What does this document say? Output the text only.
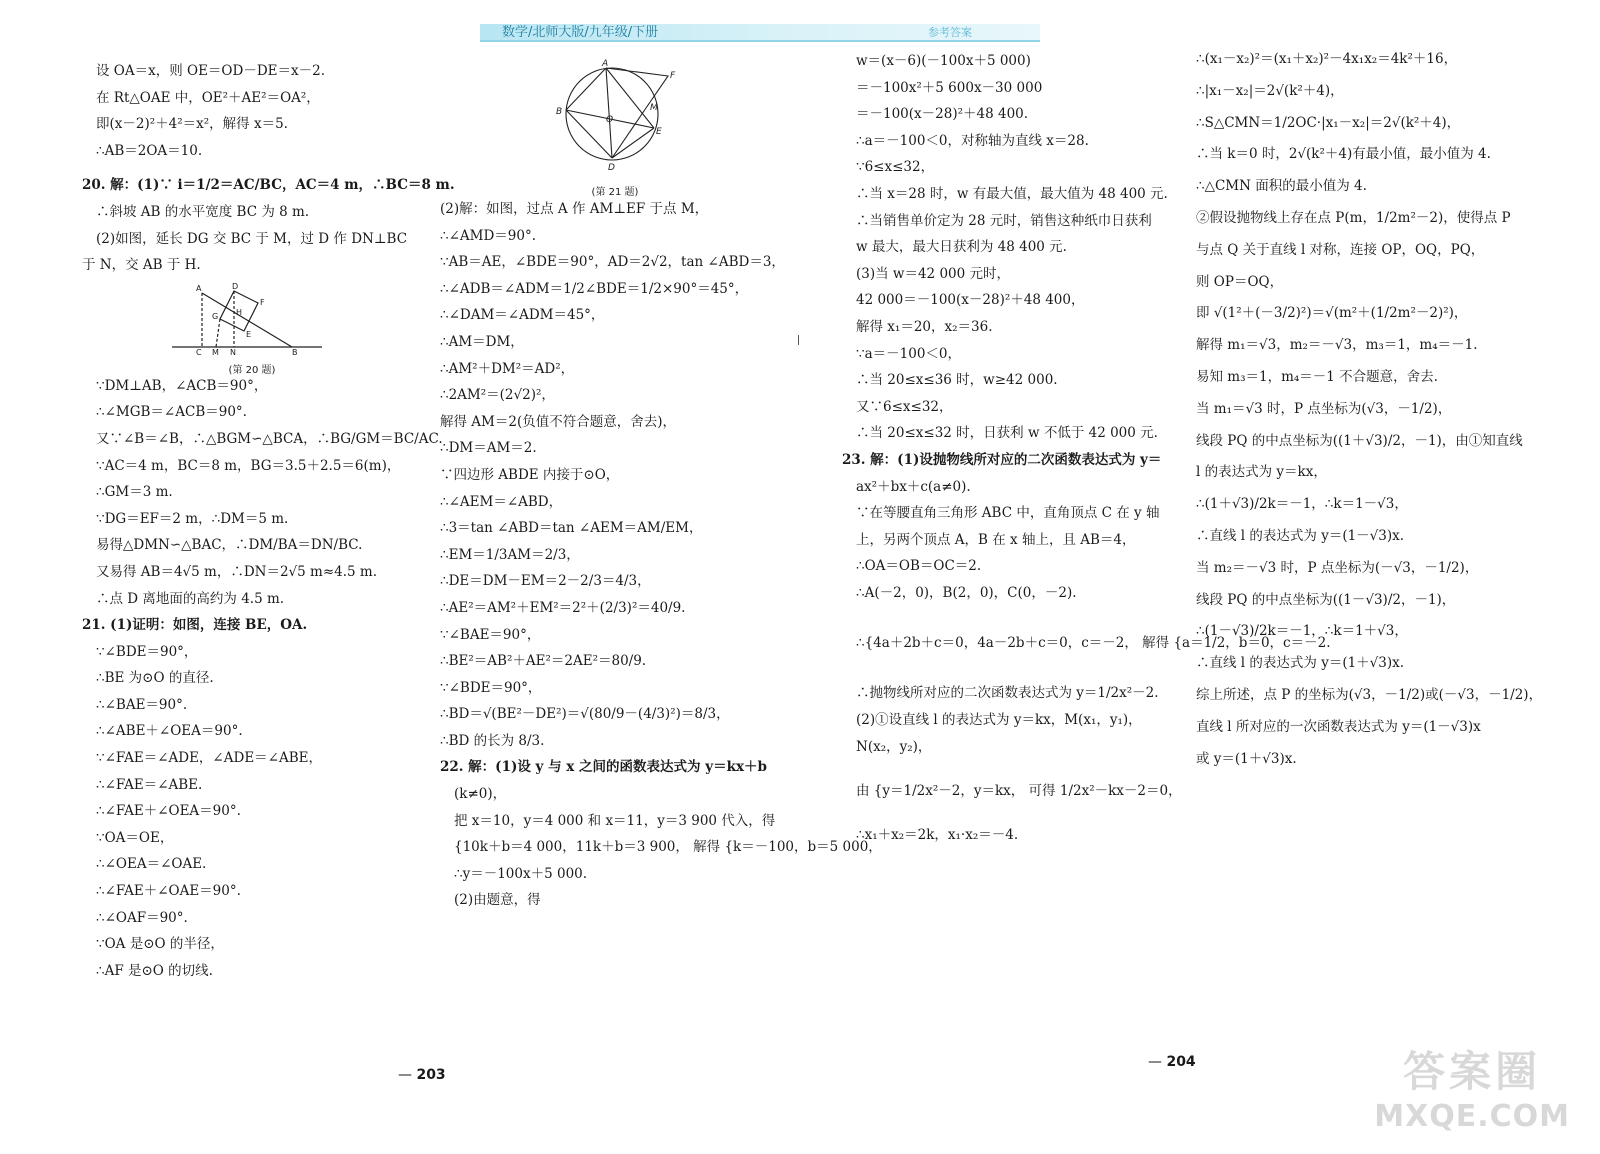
数学/北师大版/九年级/下册	参考答案
设 OA＝x，则 OE＝OD－DE＝x－2.
在 Rt△OAE 中，OE²＋AE²＝OA²，
即(x－2)²＋4²＝x²，解得 x＝5.
∴AB＝2OA＝10.
20. 解：(1)∵ i＝1/2＝AC/BC，AC＝4 m，∴BC＝8 m.
∴斜坡 AB 的水平宽度 BC 为 8 m.
(2)如图，延长 DG 交 BC 于 M，过 D 作 DN⊥BC
于 N，交 AB 于 H.
A	D
G H
F
E
C M N	B
(第 20 题)
∵DM⊥AB，∠ACB＝90°，
∴∠MGB＝∠ACB＝90°.
又∵∠B＝∠B，∴△BGM∽△BCA，∴BG/GM＝BC/AC.
∵AC＝4 m，BC＝8 m，BG＝3.5＋2.5＝6(m)，
∴GM＝3 m.
∵DG＝EF＝2 m，∴DM＝5 m.
易得△DMN∽△BAC，∴DM/BA＝DN/BC.
又易得 AB＝4√5 m，∴DN＝2√5 m≈4.5 m.
∴点 D 离地面的高约为 4.5 m.
21. (1)证明：如图，连接 BE，OA.
∵∠BDE＝90°，
∴BE 为⊙O 的直径.
∴∠BAE＝90°.
∴∠ABE＋∠OEA＝90°.
∵∠FAE＝∠ADE，∠ADE＝∠ABE，
∴∠FAE＝∠ABE.
∴∠FAE＋∠OEA＝90°.
∵OA＝OE，
∴∠OEA＝∠OAE.
∴∠FAE＋∠OAE＝90°.
∴∠OAF＝90°.
∵OA 是⊙O 的半径，
∴AF 是⊙O 的切线.
A
F
B
O
M
E
D
(第 21 题)
(2)解：如图，过点 A 作 AM⊥EF 于点 M，
∴∠AMD＝90°.
∵AB＝AE，∠BDE＝90°，AD＝2√2，tan ∠ABD＝3，
∴∠ADB＝∠ADM＝1/2∠BDE＝1/2×90°＝45°，
∴∠DAM＝∠ADM＝45°，
∴AM＝DM，
∴AM²＋DM²＝AD²，
∴2AM²＝(2√2)²，
解得 AM＝2(负值不符合题意，舍去)，
∴DM＝AM＝2.
∵四边形 ABDE 内接于⊙O，
∴∠AEM＝∠ABD，
∴3＝tan ∠ABD＝tan ∠AEM＝AM/EM，
∴EM＝1/3AM＝2/3，
∴DE＝DM－EM＝2－2/3＝4/3，
∴AE²＝AM²＋EM²＝2²＋(2/3)²＝40/9.
∵∠BAE＝90°，
∴BE²＝AB²＋AE²＝2AE²＝80/9.
∵∠BDE＝90°，
∴BD＝√(BE²－DE²)＝√(80/9－(4/3)²)＝8/3，
∴BD 的长为 8/3.
22. 解：(1)设 y 与 x 之间的函数表达式为 y＝kx＋b
(k≠0)，
把 x＝10，y＝4 000 和 x＝11，y＝3 900 代入，得
{10k＋b＝4 000，11k＋b＝3 900， 解得 {k＝－100，b＝5 000，
∴y＝－100x＋5 000.
(2)由题意，得
w＝(x－6)(－100x＋5 000)
＝－100x²＋5 600x－30 000
＝－100(x－28)²＋48 400.
∴a＝－100＜0，对称轴为直线 x＝28.
∵6≤x≤32，
∴当 x＝28 时，w 有最大值，最大值为 48 400 元.
∴当销售单价定为 28 元时，销售这种纸巾日获利
w 最大，最大日获利为 48 400 元.
(3)当 w＝42 000 元时，
42 000＝－100(x－28)²＋48 400，
解得 x₁＝20，x₂＝36.
∵a＝－100＜0，
∴当 20≤x≤36 时，w≥42 000.
又∵6≤x≤32，
∴当 20≤x≤32 时，日获利 w 不低于 42 000 元.
23. 解：(1)设抛物线所对应的二次函数表达式为 y＝
ax²＋bx＋c(a≠0).
∵在等腰直角三角形 ABC 中，直角顶点 C 在 y 轴
上，另两个顶点 A，B 在 x 轴上，且 AB＝4，
∴OA＝OB＝OC＝2.
∴A(－2，0)，B(2，0)，C(0，－2).
∴{4a＋2b＋c＝0，4a－2b＋c＝0，c＝－2， 解得 {a＝1/2，b＝0，c＝－2.
∴抛物线所对应的二次函数表达式为 y＝1/2x²－2.
(2)①设直线 l 的表达式为 y＝kx，M(x₁，y₁)，
N(x₂，y₂)，
由 {y＝1/2x²－2，y＝kx， 可得 1/2x²－kx－2＝0，
∴x₁＋x₂＝2k，x₁·x₂＝－4.
∴(x₁－x₂)²＝(x₁＋x₂)²－4x₁x₂＝4k²＋16，
∴|x₁－x₂|＝2√(k²＋4)，
∴S△CMN＝1/2OC·|x₁－x₂|＝2√(k²＋4)，
∴当 k＝0 时，2√(k²＋4)有最小值，最小值为 4.
∴△CMN 面积的最小值为 4.
②假设抛物线上存在点 P(m，1/2m²－2)，使得点 P
与点 Q 关于直线 l 对称，连接 OP，OQ，PQ，
则 OP＝OQ，
即 √(1²＋(－3/2)²)＝√(m²＋(1/2m²－2)²)，
解得 m₁＝√3，m₂＝－√3，m₃＝1，m₄＝－1.
易知 m₃＝1，m₄＝－1 不合题意，舍去.
当 m₁＝√3 时，P 点坐标为(√3，－1/2)，
线段 PQ 的中点坐标为((1＋√3)/2，－1)，由①知直线
l 的表达式为 y＝kx，
∴(1＋√3)/2k＝－1，∴k＝1－√3，
∴直线 l 的表达式为 y＝(1－√3)x.
当 m₂＝－√3 时，P 点坐标为(－√3，－1/2)，
线段 PQ 的中点坐标为((1－√3)/2，－1)，
∴(1－√3)/2k＝－1，∴k＝1＋√3，
∴直线 l 的表达式为 y＝(1＋√3)x.
综上所述，点 P 的坐标为(√3，－1/2)或(－√3，－1/2)，
直线 l 所对应的一次函数表达式为 y＝(1－√3)x
或 y＝(1＋√3)x.
— 203
— 204	答案圈
MXQE.COM
